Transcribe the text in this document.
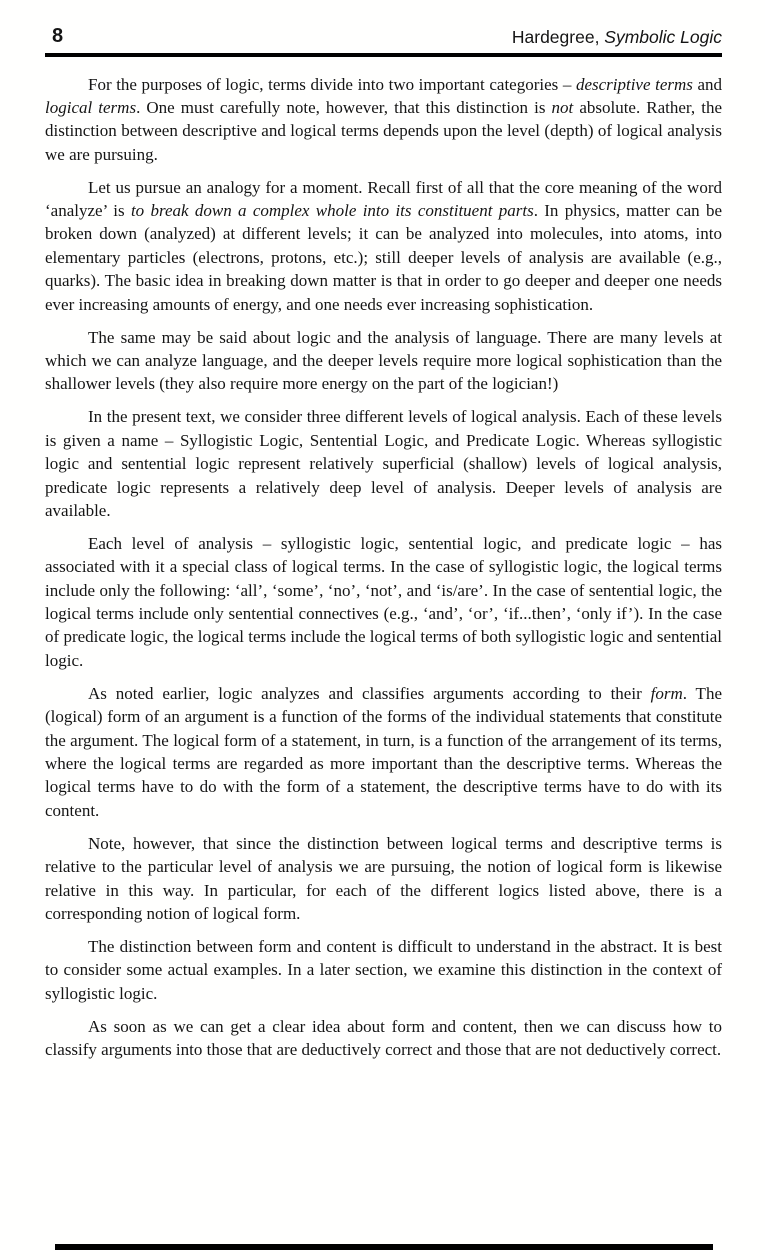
8	Hardegree, Symbolic Logic

For the purposes of logic, terms divide into two important categories – descriptive terms and logical terms. One must carefully note, however, that this distinction is not absolute. Rather, the distinction between descriptive and logical terms depends upon the level (depth) of logical analysis we are pursuing.

Let us pursue an analogy for a moment. Recall first of all that the core meaning of the word ‘analyze’ is to break down a complex whole into its constituent parts. In physics, matter can be broken down (analyzed) at different levels; it can be analyzed into molecules, into atoms, into elementary particles (electrons, protons, etc.); still deeper levels of analysis are available (e.g., quarks). The basic idea in breaking down matter is that in order to go deeper and deeper one needs ever increasing amounts of energy, and one needs ever increasing sophistication.

The same may be said about logic and the analysis of language. There are many levels at which we can analyze language, and the deeper levels require more logical sophistication than the shallower levels (they also require more energy on the part of the logician!)

In the present text, we consider three different levels of logical analysis. Each of these levels is given a name – Syllogistic Logic, Sentential Logic, and Predicate Logic. Whereas syllogistic logic and sentential logic represent relatively superficial (shallow) levels of logical analysis, predicate logic represents a relatively deep level of analysis. Deeper levels of analysis are available.

Each level of analysis – syllogistic logic, sentential logic, and predicate logic – has associated with it a special class of logical terms. In the case of syllogistic logic, the logical terms include only the following: ‘all’, ‘some’, ‘no’, ‘not’, and ‘is/are’. In the case of sentential logic, the logical terms include only sentential connectives (e.g., ‘and’, ‘or’, ‘if...then’, ‘only if’). In the case of predicate logic, the logical terms include the logical terms of both syllogistic logic and sentential logic.

As noted earlier, logic analyzes and classifies arguments according to their form. The (logical) form of an argument is a function of the forms of the individual statements that constitute the argument. The logical form of a statement, in turn, is a function of the arrangement of its terms, where the logical terms are regarded as more important than the descriptive terms. Whereas the logical terms have to do with the form of a statement, the descriptive terms have to do with its content.

Note, however, that since the distinction between logical terms and descriptive terms is relative to the particular level of analysis we are pursuing, the notion of logical form is likewise relative in this way. In particular, for each of the different logics listed above, there is a corresponding notion of logical form.

The distinction between form and content is difficult to understand in the abstract. It is best to consider some actual examples. In a later section, we examine this distinction in the context of syllogistic logic.

As soon as we can get a clear idea about form and content, then we can discuss how to classify arguments into those that are deductively correct and those that are not deductively correct.
